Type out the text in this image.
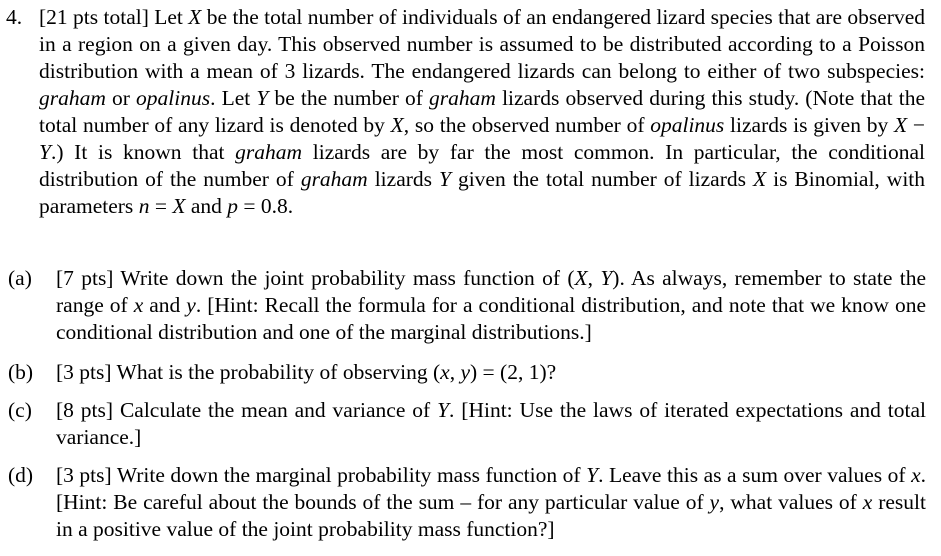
4. [21 pts total] Let X be the total number of individuals of an endangered lizard species that are observed in a region on a given day. This observed number is assumed to be distributed according to a Poisson distribution with a mean of 3 lizards. The endangered lizards can belong to either of two subspecies: graham or opalinus. Let Y be the number of graham lizards observed during this study. (Note that the total number of any lizard is denoted by X, so the observed number of opalinus lizards is given by X − Y.) It is known that graham lizards are by far the most common. In particular, the conditional distribution of the number of graham lizards Y given the total number of lizards X is Binomial, with parameters n = X and p = 0.8.
(a) [7 pts] Write down the joint probability mass function of (X, Y). As always, remember to state the range of x and y. [Hint: Recall the formula for a conditional distribution, and note that we know one conditional distribution and one of the marginal distributions.]
(b) [3 pts] What is the probability of observing (x, y) = (2, 1)?
(c) [8 pts] Calculate the mean and variance of Y. [Hint: Use the laws of iterated expectations and total variance.]
(d) [3 pts] Write down the marginal probability mass function of Y. Leave this as a sum over values of x. [Hint: Be careful about the bounds of the sum – for any particular value of y, what values of x result in a positive value of the joint probability mass function?]
